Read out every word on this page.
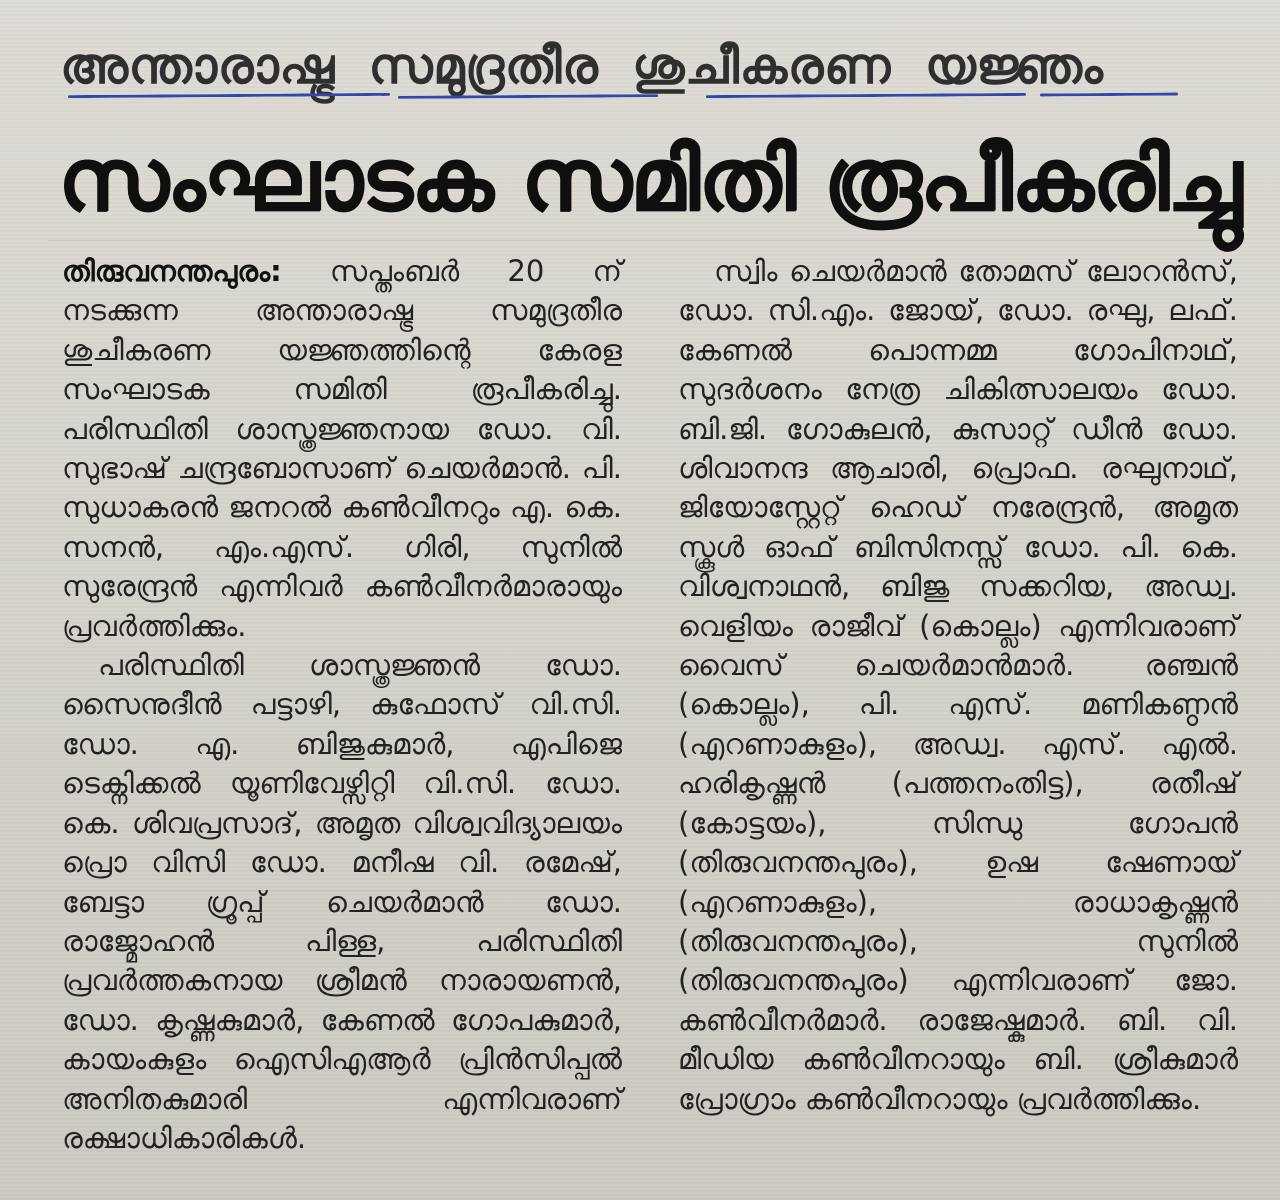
അന്താരാഷ്ട്ര സമുദ്രതീര ശുചീകരണ യജ്ഞം
സംഘാടക സമിതി രൂപീകരിച്ചു

തിരുവനന്തപുരം: സപ്തംബർ 20 ന് നടക്കുന്ന അന്താരാഷ്ട്ര സമുദ്രതീര ശുചീകരണ യജ്ഞത്തിന്റെ കേരള സംഘാടക സമിതി രൂപീകരിച്ചു. പരിസ്ഥിതി ശാസ്ത്രജ്ഞനായ ഡോ. വി. സുഭാഷ് ചന്ദ്രബോസാണ് ചെയർമാൻ. പി. സുധാകരൻ ജനറൽ കൺവീനറും എ. കെ. സനൻ, എം.എസ്. ഗിരി, സുനിൽ സുരേന്ദ്രൻ എന്നിവർ കൺവീനർമാരായും പ്രവർത്തിക്കും.

പരിസ്ഥിതി ശാസ്ത്രജ്ഞൻ ഡോ. സൈനുദീൻ പട്ടാഴി, കുഫോസ് വി.സി. ഡോ. എ. ബിജുകുമാർ, എപിജെ ടെക്നിക്കൽ യൂണിവേഴ്സിറ്റി വി.സി. ഡോ. കെ. ശിവപ്രസാദ്, അമൃത വിശ്വവിദ്യാലയം പ്രൊ വിസി ഡോ. മനീഷ വി. രമേഷ്, ബേട്ടാ ഗ്രൂപ്പ് ചെയർമാൻ ഡോ. രാജ്മോഹൻ പിള്ള, പരിസ്ഥിതി പ്രവർത്തകനായ ശ്രീമൻ നാരായണൻ, ഡോ. കൃഷ്ണകുമാർ, കേണൽ ഗോപകുമാർ, കായംകുളം ഐസിഎആർ പ്രിൻസിപ്പൽ അനിതകുമാരി എന്നിവരാണ് രക്ഷാധികാരികൾ.

സ്വിം ചെയർമാൻ തോമസ് ലോറൻസ്, ഡോ. സി.എം. ജോയ്, ഡോ. രഘു, ലഫ്. കേണൽ പൊന്നമ്മ ഗോപിനാഥ്, സുദർശനം നേത്ര ചികിത്സാലയം ഡോ. ബി.ജി. ഗോകുലൻ, കുസാറ്റ് ഡീൻ ഡോ. ശിവാനന്ദ ആചാരി, പ്രൊഫ. രഘുനാഥ്, ജിയോസ്റ്റേറ്റ് ഹെഡ് നരേന്ദ്രൻ, അമൃത സ്കൂൾ ഓഫ് ബിസിനസ്സ് ഡോ. പി. കെ. വിശ്വനാഥൻ, ബിജു സക്കറിയ, അഡ്വ. വെളിയം രാജീവ് (കൊല്ലം) എന്നിവരാണ് വൈസ് ചെയർമാൻമാർ. രഞ്ചൻ (കൊല്ലം), പി. എസ്. മണികണ്ഠൻ (എറണാകുളം), അഡ്വ. എസ്. എൽ. ഹരികൃഷ്ണൻ (പത്തനംതിട്ട), രതീഷ് (കോട്ടയം), സിന്ധു ഗോപൻ (തിരുവനന്തപുരം), ഉഷ ഷേണായ് (എറണാകുളം), രാധാകൃഷ്ണൻ (തിരുവനന്തപുരം), സുനിൽ (തിരുവനന്തപുരം) എന്നിവരാണ് ജോ. കൺവീനർമാർ. രാജേഷ്കുമാർ. ബി. വി. മീഡിയ കൺവീനറായും ബി. ശ്രീകുമാർ പ്രോഗ്രാം കൺവീനറായും പ്രവർത്തിക്കും.
